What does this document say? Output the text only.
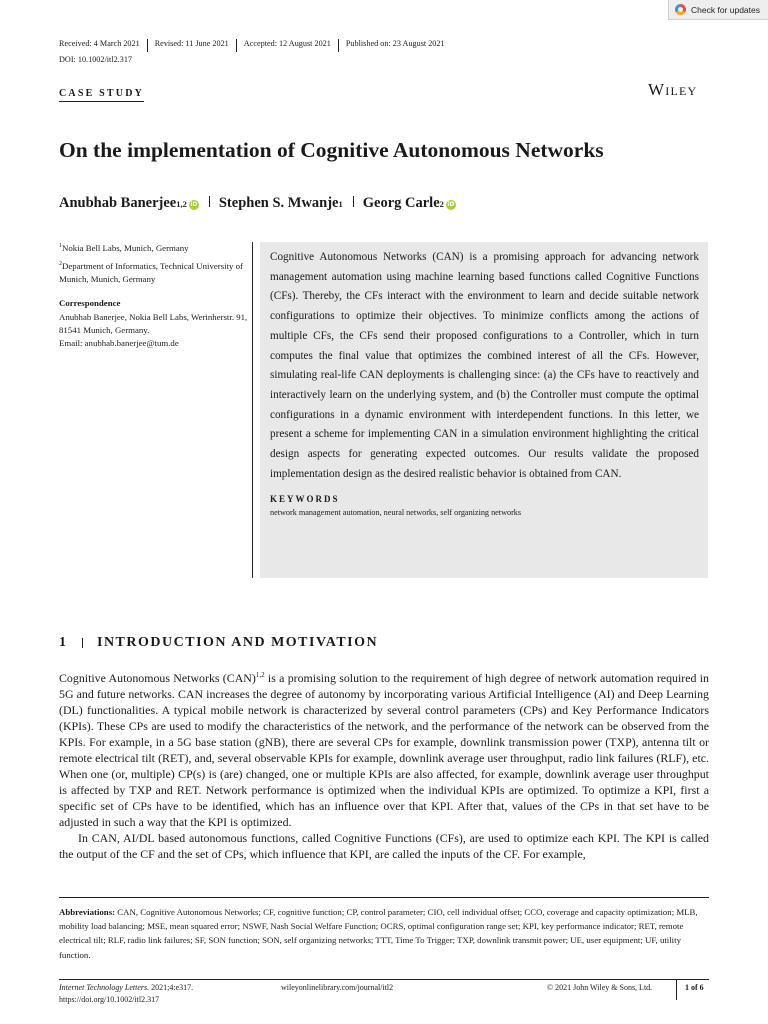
Check for updates
Received: 4 March 2021 Revised: 11 June 2021 Accepted: 12 August 2021 Published on: 23 August 2021
DOI: 10.1002/itl2.317
CASE STUDY	Wiley
On the implementation of Cognitive Autonomous Networks
Anubhab Banerjee 1,2 iD Stephen S. Mwanje 1 Georg Carle 2 iD
$^1$Nokia Bell Labs, Munich, Germany
$^2$Department of Informatics, Technical University of Munich, Munich, Germany
Correspondence
Anubhab Banerjee, Nokia Bell Labs, Werinherstr. 91, 81541 Munich, Germany.
Email: anubhab.banerjee@tum.de

Cognitive Autonomous Networks (CAN) is a promising approach for advancing network management automation using machine learning based functions called Cognitive Functions (CFs). Thereby, the CFs interact with the environment to learn and decide suitable network configurations to optimize their objectives. To minimize conflicts among the actions of multiple CFs, the CFs send their proposed configurations to a Controller, which in turn computes the final value that optimizes the combined interest of all the CFs. However, simulating real-life CAN deployments is challenging since: (a) the CFs have to reactively and interactively learn on the underlying system, and (b) the Controller must compute the optimal configurations in a dynamic environment with interdependent functions. In this letter, we present a scheme for implementing CAN in a simulation environment highlighting the critical design aspects for generating expected outcomes. Our results validate the proposed implementation design as the desired realistic behavior is obtained from CAN.

KEYWORDS
network management automation, neural networks, self organizing networks
1 INTRODUCTION AND MOTIVATION

Cognitive Autonomous Networks (CAN)$^{1,2}$ is a promising solution to the requirement of high degree of network automation required in 5G and future networks. CAN increases the degree of autonomy by incorporating various Artificial Intelligence (AI) and Deep Learning (DL) functionalities. A typical mobile network is characterized by several control parameters (CPs) and Key Performance Indicators (KPIs). These CPs are used to modify the characteristics of the network, and the performance of the network can be observed from the KPIs. For example, in a 5G base station (gNB), there are several CPs for example, downlink transmission power (TXP), antenna tilt or remote electrical tilt (RET), and, several observable KPIs for example, downlink average user throughput, radio link failures (RLF), etc. When one (or, multiple) CP(s) is (are) changed, one or multiple KPIs are also affected, for example, downlink average user throughput is affected by TXP and RET. Network performance is optimized when the individual KPIs are optimized. To optimize a KPI, first a specific set of CPs have to be identified, which has an influence over that KPI. After that, values of the CPs in that set have to be adjusted in such a way that the KPI is optimized.

In CAN, AI/DL based autonomous functions, called Cognitive Functions (CFs), are used to optimize each KPI. The KPI is called the output of the CF and the set of CPs, which influence that KPI, are called the inputs of the CF. For example,

Abbreviations: CAN, Cognitive Autonomous Networks; CF, cognitive function; CP, control parameter; CIO, cell individual offset; CCO, coverage and capacity optimization; MLB, mobility load balancing; MSE, mean squared error; NSWF, Nash Social Welfare Function; OCRS, optimal configuration range set; KPI, key performance indicator; RET, remote electrical tilt; RLF, radio link failures; SF, SON function; SON, self organizing networks; TTT, Time To Trigger; TXP, downlink transmit power; UE, user equipment; UF, utility function.
Internet Technology Letters. 2021;4:e317.
https://doi.org/10.1002/itl2.317
wileyonlinelibrary.com/journal/itl2	© 2021 John Wiley & Sons, Ltd.	1 of 6
